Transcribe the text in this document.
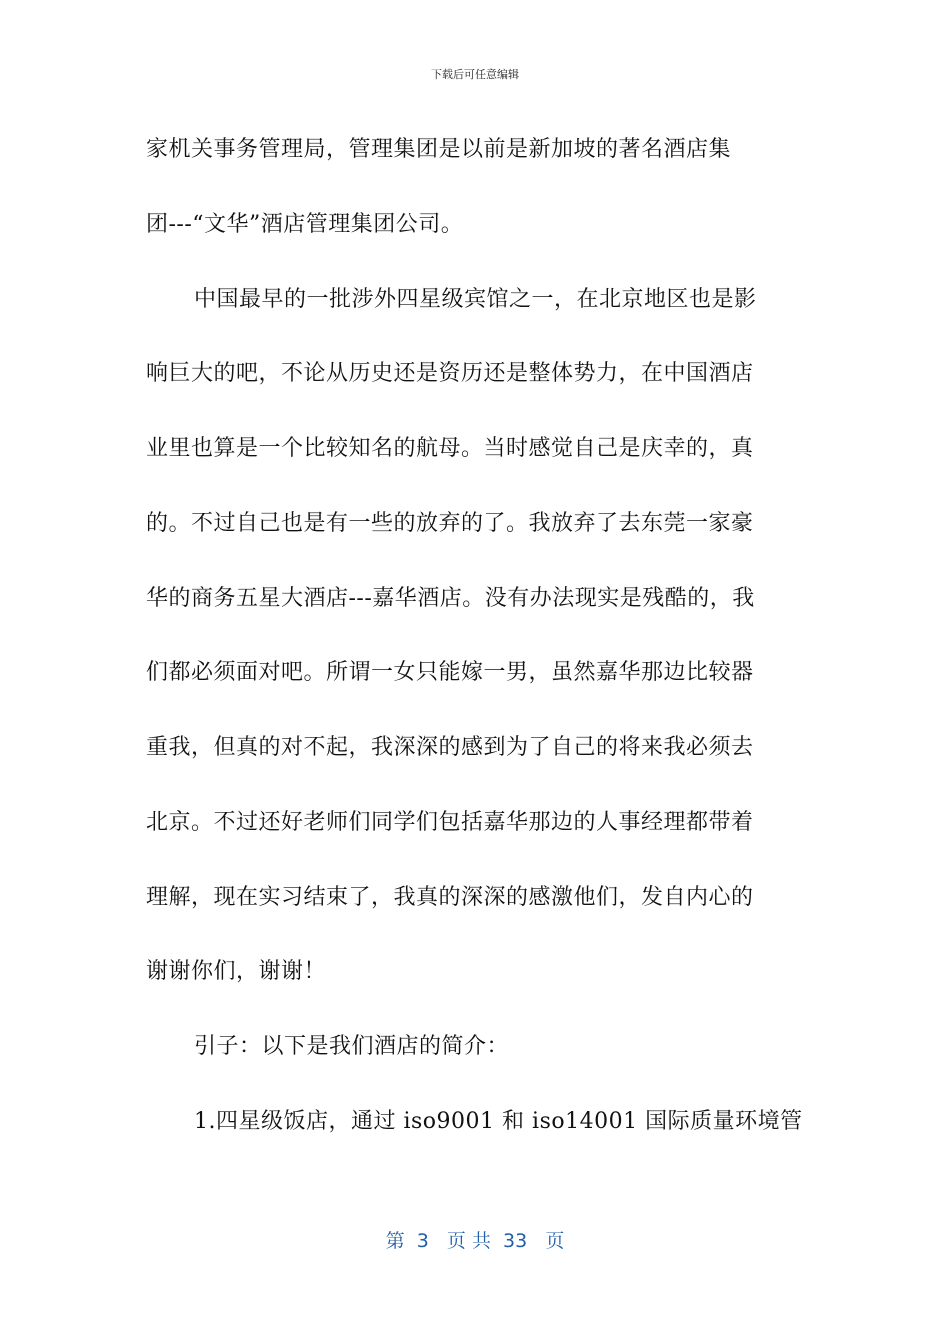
下载后可任意编辑
家机关事务管理局，管理集团是以前是新加坡的著名酒店集
团---“文华”酒店管理集团公司。
中国最早的一批涉外四星级宾馆之一，在北京地区也是影
响巨大的吧，不论从历史还是资历还是整体势力，在中国酒店
业里也算是一个比较知名的航母。当时感觉自己是庆幸的，真
的。不过自己也是有一些的放弃的了。我放弃了去东莞一家豪
华的商务五星大酒店---嘉华酒店。没有办法现实是残酷的，我
们都必须面对吧。所谓一女只能嫁一男，虽然嘉华那边比较器
重我，但真的对不起，我深深的感到为了自己的将来我必须去
北京。不过还好老师们同学们包括嘉华那边的人事经理都带着
理解，现在实习结束了，我真的深深的感激他们，发自内心的
谢谢你们，谢谢！
引子：以下是我们酒店的简介：
1.四星级饭店，通过 iso9001 和 iso14001 国际质量环境管
第  3   页 共  33   页
